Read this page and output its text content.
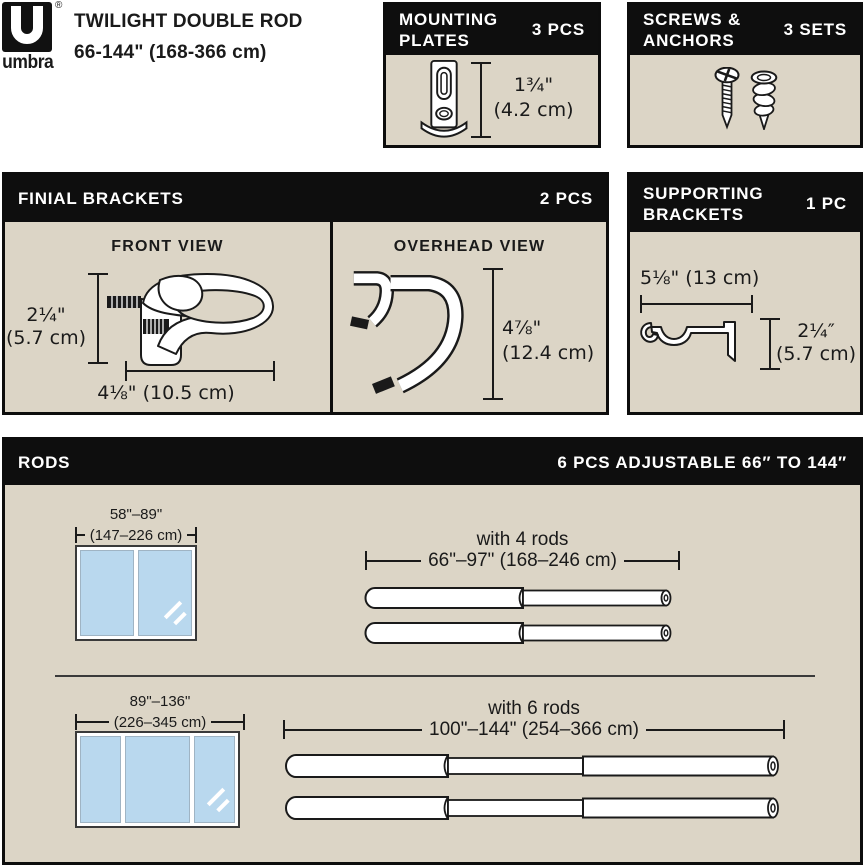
®
umbra
TWILIGHT DOUBLE ROD
66-144" (168-366 cm)
MOUNTING PLATES
3 PCS
1¾"
(4.2 cm)
SCREWS & ANCHORS
3 SETS
FINIAL BRACKETS	2 PCS
FRONT VIEW
2¼"
(5.7 cm)
4⅛" (10.5 cm)
OVERHEAD VIEW
4⅞"
(12.4 cm)
SUPPORTING BRACKETS
1 PC
5⅛" (13 cm)
2¼″
(5.7 cm)
RODS	6 PCS ADJUSTABLE 66″ TO 144″
58"–89"
(147–226 cm)	with 4 rods
66"–97" (168–246 cm)
89"–136"
(226–345 cm)
with 6 rods
100"–144" (254–366 cm)
